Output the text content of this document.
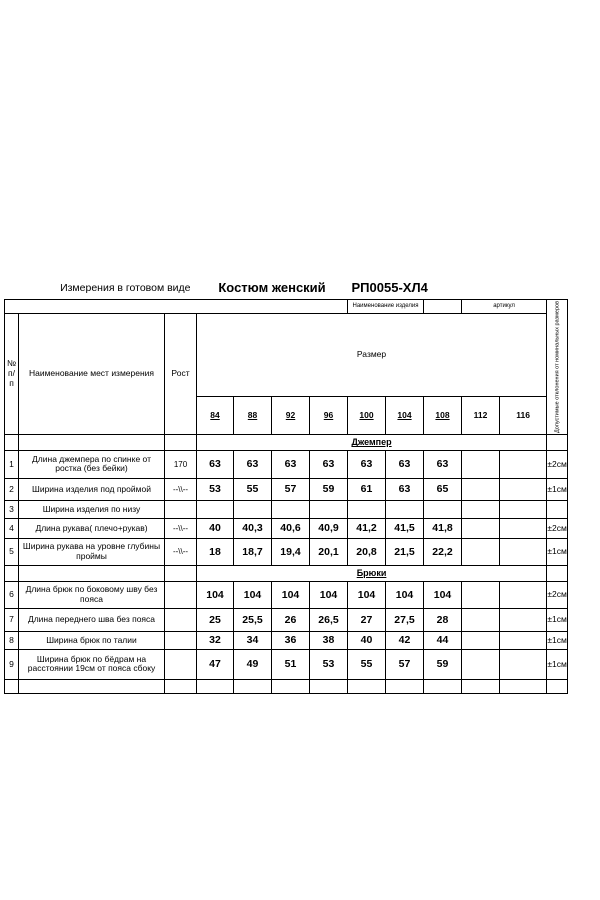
	Измерения в готовом виде		Костюм женский				РП0055-ХЛ4						
							Наименование изделия			артикул		Допустимые отклонения от номинальных размеров	
№ п/ п	Наименование мест измерения	Рост	Размер										
			84	88	92	96	100	104	108	112	116		
			Джемпер										
1	Длина джемпера по спинке от ростка (без бейки)	170	63	63	63	63	63	63	63			±2см	
2	Ширина изделия под проймой	--\\--	53	55	57	59	61	63	65			±1см	
3	Ширина изделия по низу												
4	Длина рукава( плечо+рукав)	--\\--	40	40,3	40,6	40,9	41,2	41,5	41,8			±2см	
5	Ширина рукава на уровне глубины проймы	--\\--	18	18,7	19,4	20,1	20,8	21,5	22,2			±1см	
			Брюки										
6	Длина брюк по боковому шву без пояса		104	104	104	104	104	104	104			±2см	
7	Длина переднего шва без пояса		25	25,5	26	26,5	27	27,5	28			±1см	
8	Ширина брюк по талии		32	34	36	38	40	42	44			±1см	
9	Ширина брюк по бёдрам на расстоянии 19см от пояса сбоку		47	49	51	53	55	57	59			±1см	
